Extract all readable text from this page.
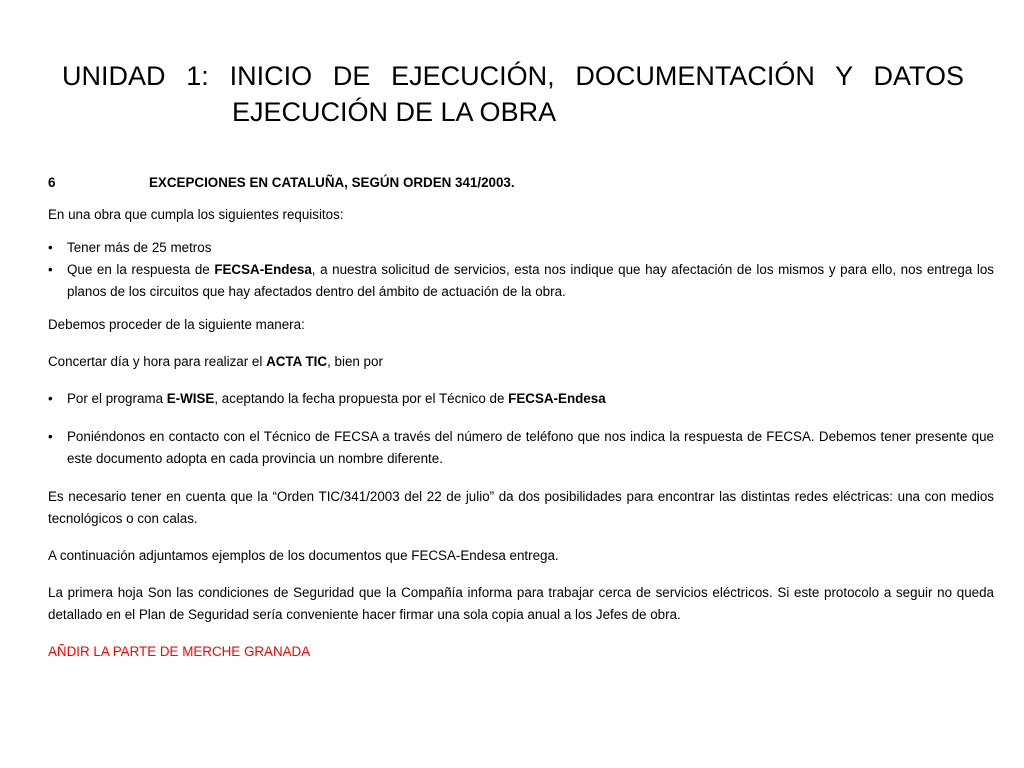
UNIDAD 1: INICIO DE EJECUCIÓN, DOCUMENTACIÓN Y DATOS
EJECUCIÓN DE LA OBRA
6	EXCEPCIONES EN CATALUÑA, SEGÚN ORDEN 341/2003.

En una obra que cumpla los siguientes requisitos:

• Tener más de 25 metros
• Que en la respuesta de FECSA-Endesa, a nuestra solicitud de servicios, esta nos indique que hay afectación de los mismos y para ello, nos entrega los planos de los circuitos que hay afectados dentro del ámbito de actuación de la obra.

Debemos proceder de la siguiente manera:

Concertar día y hora para realizar el ACTA TIC, bien por

• Por el programa E-WISE, aceptando la fecha propuesta por el Técnico de FECSA-Endesa
• Poniéndonos en contacto con el Técnico de FECSA a través del número de teléfono que nos indica la respuesta de FECSA. Debemos tener presente que este documento adopta en cada provincia un nombre diferente.

Es necesario tener en cuenta que la “Orden TIC/341/2003 del 22 de julio” da dos posibilidades para encontrar las distintas redes eléctricas: una con medios tecnológicos o con calas.

A continuación adjuntamos ejemplos de los documentos que FECSA-Endesa entrega.

La primera hoja Son las condiciones de Seguridad que la Compañía informa para trabajar cerca de servicios eléctricos. Si este protocolo a seguir no queda detallado en el Plan de Seguridad sería conveniente hacer firmar una sola copia anual a los Jefes de obra.

AÑDIR LA PARTE DE MERCHE GRANADA
